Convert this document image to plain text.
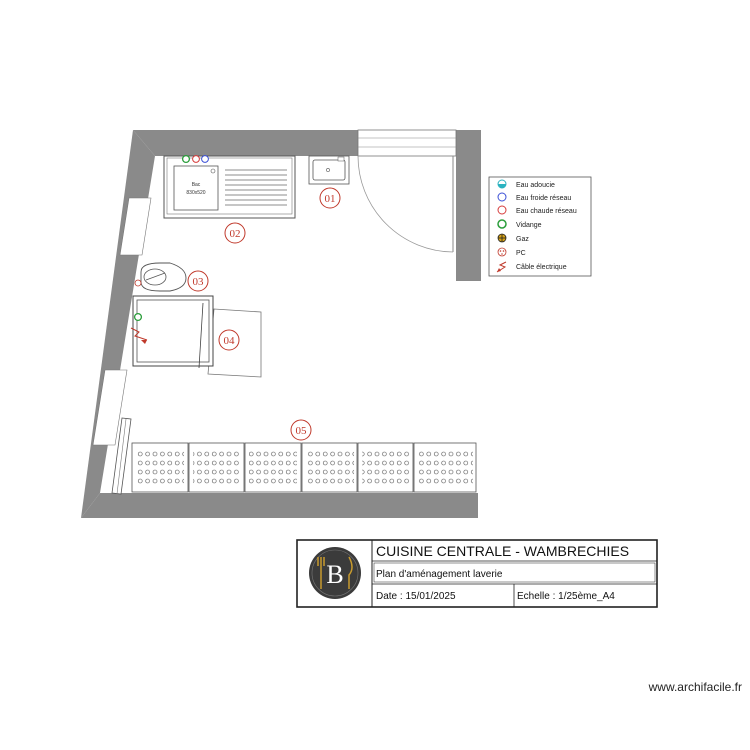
Bac
830x520	01
02
03
04
05
Eau adoucie
Eau froide réseau
Eau chaude réseau
Vidange
Gaz
PC
Câble électrique
B
CUISINE CENTRALE - WAMBRECHIES
Plan d'aménagement laverie
Date : 15/01/2025	Echelle : 1/25ème_A4
www.archifacile.fr
